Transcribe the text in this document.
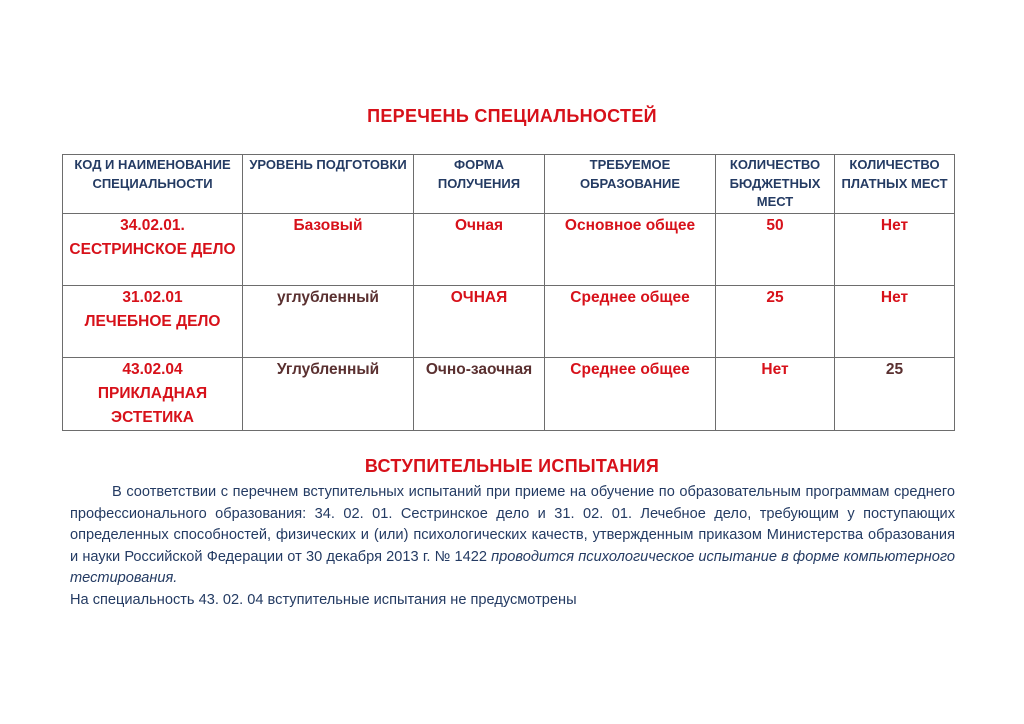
ПЕРЕЧЕНЬ СПЕЦИАЛЬНОСТЕЙ
КОД И НАИМЕНОВАНИЕ СПЕЦИАЛЬНОСТИ	УРОВЕНЬ ПОДГОТОВКИ	ФОРМА ПОЛУЧЕНИЯ	ТРЕБУЕМОЕ ОБРАЗОВАНИЕ	КОЛИЧЕСТВО БЮДЖЕТНЫХ МЕСТ	КОЛИЧЕСТВО ПЛАТНЫХ МЕСТ

34.02.01.
СЕСТРИНСКОЕ ДЕЛО	Базовый	Очная	Основное общее	50	Нет

31.02.01
ЛЕЧЕБНОЕ ДЕЛО	углубленный	ОЧНАЯ	Среднее общее	25	Нет

43.02.04
ПРИКЛАДНАЯ ЭСТЕТИКА	Углубленный	Очно-заочная	Среднее общее	Нет	25
ВСТУПИТЕЛЬНЫЕ ИСПЫТАНИЯ

В соответствии с перечнем вступительных испытаний при приеме на обучение по образовательным программам среднего профессионального образования: 34. 02. 01. Сестринское дело и 31. 02. 01. Лечебное дело, требующим у поступающих определенных способностей, физических и (или) психологических качеств, утвержденным приказом Министерства образования и науки Российской Федерации от 30 декабря 2013 г. № 1422 проводится психологическое испытание в форме компьютерного тестирования.

На специальность 43. 02. 04 вступительные испытания не предусмотрены
